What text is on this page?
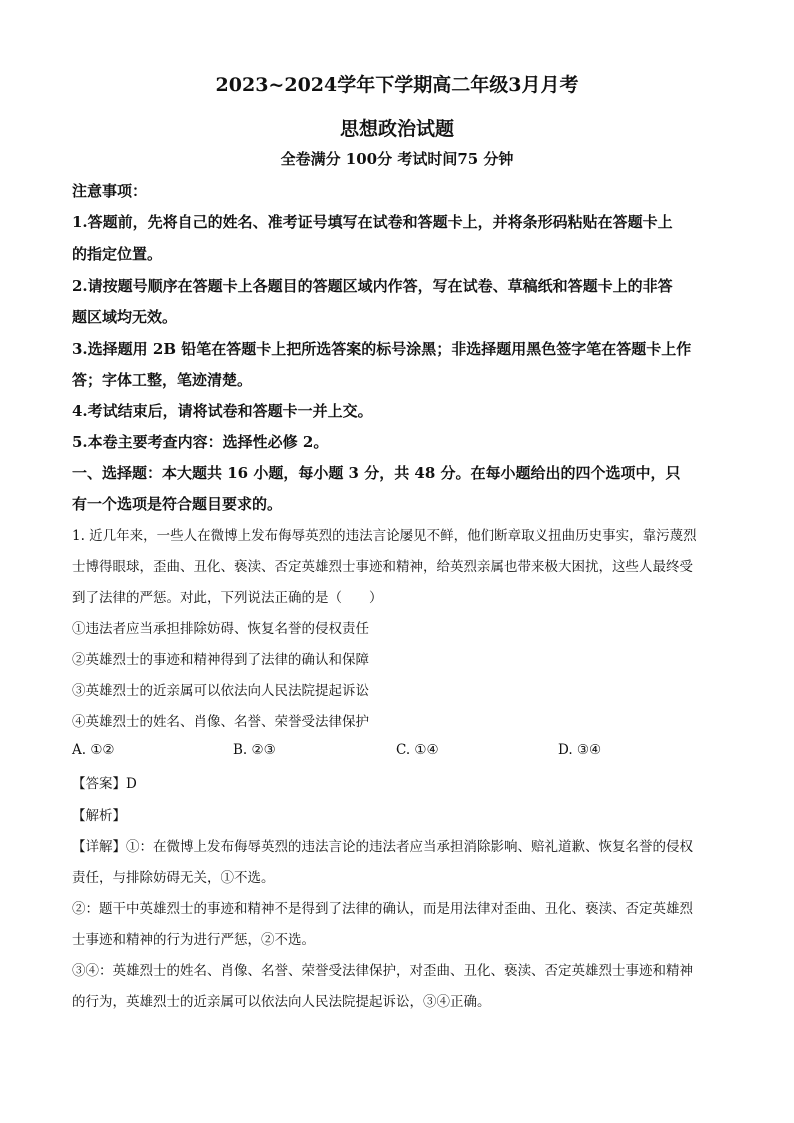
2023~2024学年下学期高二年级3月月考
思想政治试题
全卷满分 100分 考试时间75 分钟
注意事项：
1.答题前，先将自己的姓名、准考证号填写在试卷和答题卡上，并将条形码粘贴在答题卡上
的指定位置。
2.请按题号顺序在答题卡上各题目的答题区域内作答，写在试卷、草稿纸和答题卡上的非答
题区域均无效。
3.选择题用 2B 铅笔在答题卡上把所选答案的标号涂黑；非选择题用黑色签字笔在答题卡上作
答；字体工整，笔迹清楚。
4.考试结束后，请将试卷和答题卡一并上交。
5.本卷主要考查内容：选择性必修 2。
一、选择题：本大题共 16 小题，每小题 3 分，共 48 分。在每小题给出的四个选项中，只
有一个选项是符合题目要求的。
1. 近几年来，一些人在微博上发布侮辱英烈的违法言论屡见不鲜，他们断章取义扭曲历史事实，靠污蔑烈
士博得眼球，歪曲、丑化、亵渎、否定英雄烈士事迹和精神，给英烈亲属也带来极大困扰，这些人最终受
到了法律的严惩。对此，下列说法正确的是（　　）
①违法者应当承担排除妨碍、恢复名誉的侵权责任
②英雄烈士的事迹和精神得到了法律的确认和保障
③英雄烈士的近亲属可以依法向人民法院提起诉讼
④英雄烈士的姓名、肖像、名誉、荣誉受法律保护
A. ①②	B. ②③	C. ①④	D. ③④
【答案】D
【解析】
【详解】①：在微博上发布侮辱英烈的违法言论的违法者应当承担消除影响、赔礼道歉、恢复名誉的侵权
责任，与排除妨碍无关，①不选。
②：题干中英雄烈士的事迹和精神不是得到了法律的确认，而是用法律对歪曲、丑化、亵渎、否定英雄烈
士事迹和精神的行为进行严惩，②不选。
③④：英雄烈士的姓名、肖像、名誉、荣誉受法律保护，对歪曲、丑化、亵渎、否定英雄烈士事迹和精神
的行为，英雄烈士的近亲属可以依法向人民法院提起诉讼，③④正确。
